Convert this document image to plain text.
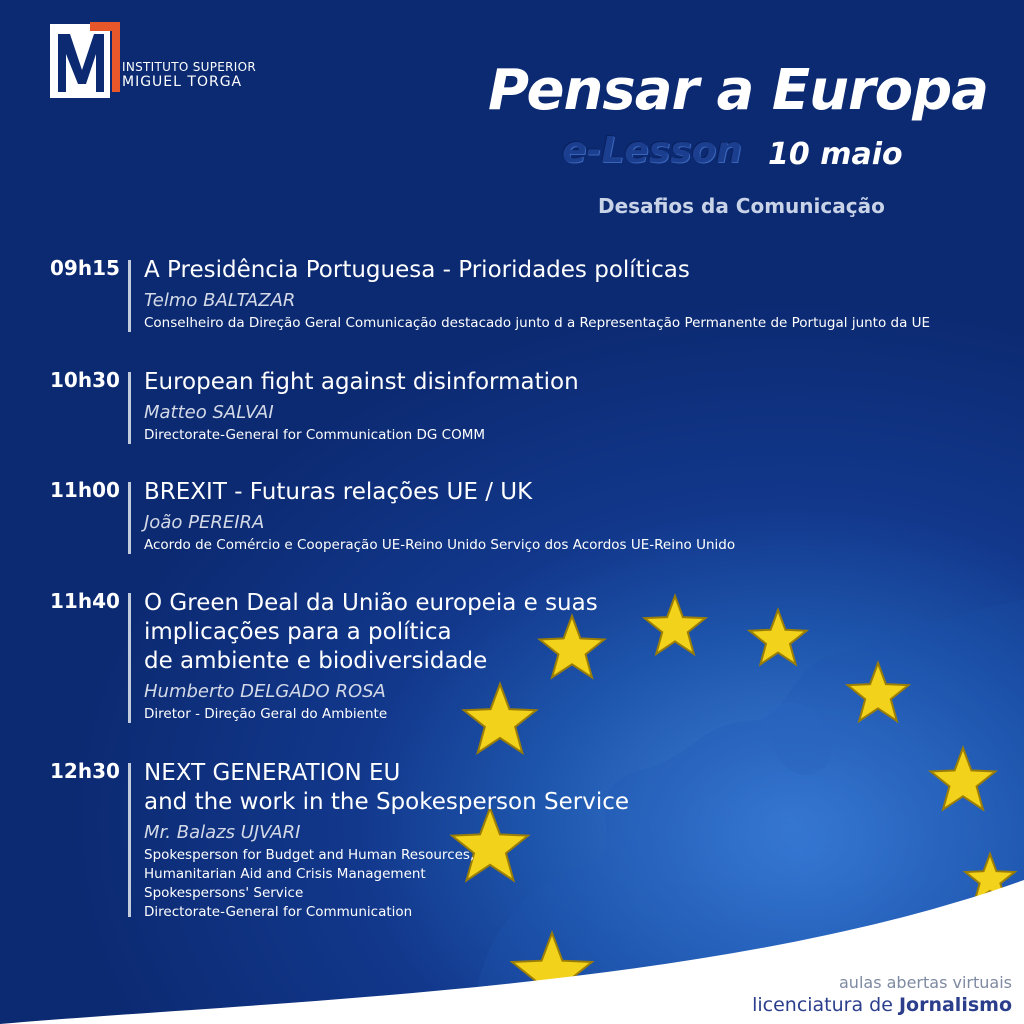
INSTITUTO SUPERIOR
MIGUEL TORGA	Pensar a Europa
e-Lesson 10 maio
Desafios da Comunicação
09h15 A Presidência Portuguesa - Prioridades políticas
Telmo BALTAZAR
Conselheiro da Direção Geral Comunicação destacado junto d a Representação Permanente de Portugal junto da UE
10h30 European fight against disinformation
Matteo SALVAI
Directorate-General for Communication DG COMM
11h00 BREXIT - Futuras relações UE / UK
João PEREIRA
Acordo de Comércio e Cooperação UE-Reino Unido Serviço dos Acordos UE-Reino Unido
11h40 O Green Deal da União europeia e suas
implicações para a política
de ambiente e biodiversidade
Humberto DELGADO ROSA
Diretor - Direção Geral do Ambiente
12h30 NEXT GENERATION EU
and the work in the Spokesperson Service
Mr. Balazs UJVARI
Spokesperson for Budget and Human Resources,
Humanitarian Aid and Crisis Management
Spokespersons' Service
Directorate-General for Communication
aulas abertas virtuais
licenciatura de Jornalismo
